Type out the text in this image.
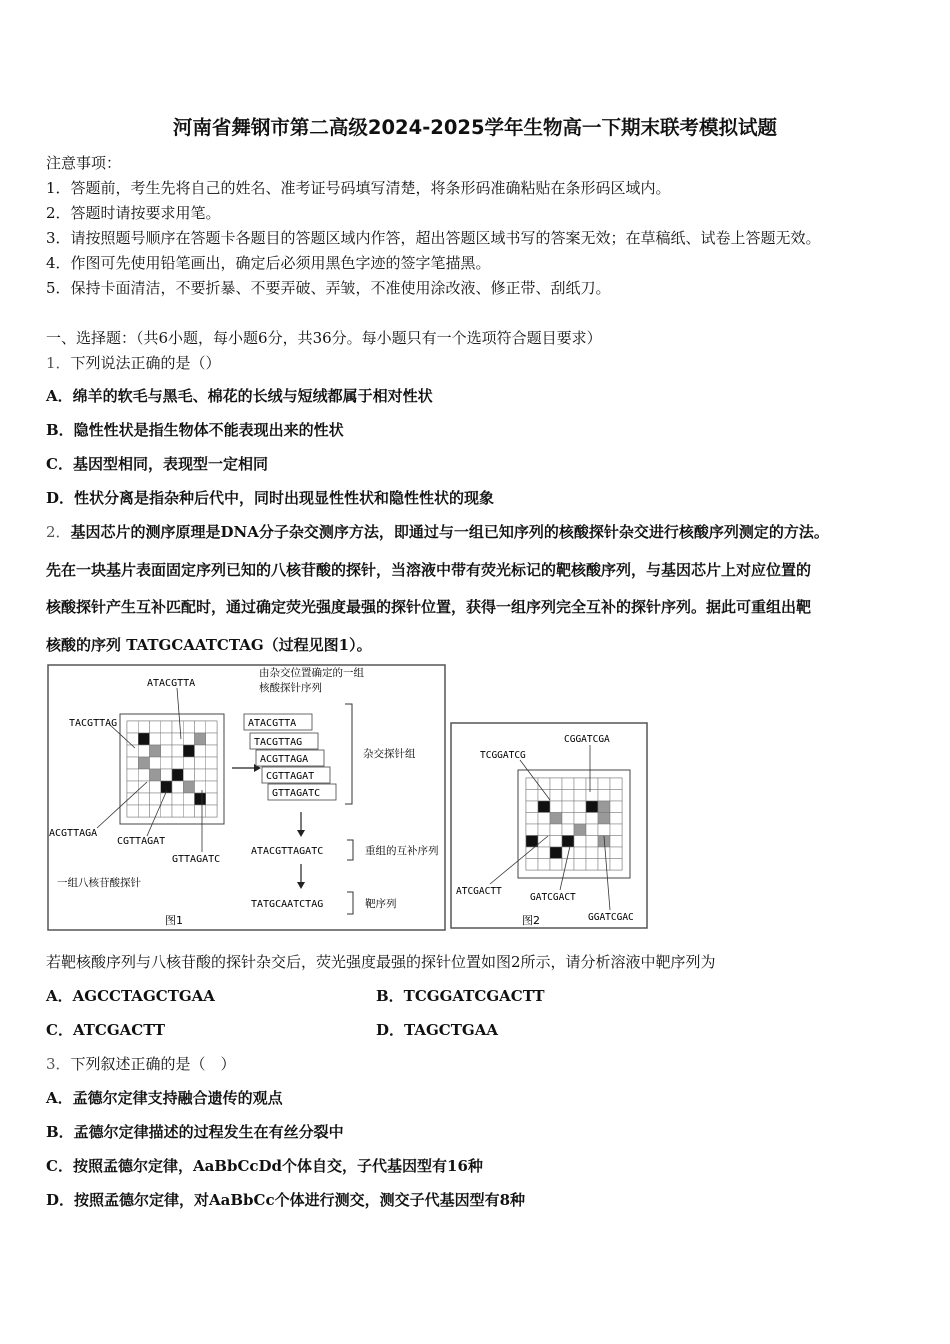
河南省舞钢市第二高级2024-2025学年生物高一下期末联考模拟试题
注意事项：
1．答题前，考生先将自己的姓名、准考证号码填写清楚，将条形码准确粘贴在条形码区域内。
2．答题时请按要求用笔。
3．请按照题号顺序在答题卡各题目的答题区域内作答，超出答题区域书写的答案无效；在草稿纸、试卷上答题无效。
4．作图可先使用铅笔画出，确定后必须用黑色字迹的签字笔描黑。
5．保持卡面清洁，不要折暴、不要弄破、弄皱，不准使用涂改液、修正带、刮纸刀。
一、选择题：（共6小题，每小题6分，共36分。每小题只有一个选项符合题目要求）
1．下列说法正确的是（）
A．绵羊的软毛与黑毛、棉花的长绒与短绒都属于相对性状
B．隐性性状是指生物体不能表现出来的性状
C．基因型相同，表现型一定相同
D．性状分离是指杂种后代中，同时出现显性性状和隐性性状的现象
2．基因芯片的测序原理是DNA分子杂交测序方法，即通过与一组已知序列的核酸探针杂交进行核酸序列测定的方法。
先在一块基片表面固定序列已知的八核苷酸的探针，当溶液中带有荧光标记的靶核酸序列，与基因芯片上对应位置的
核酸探针产生互补匹配时，通过确定荧光强度最强的探针位置，获得一组序列完全互补的探针序列。据此可重组出靶
核酸的序列 TATGCAATCTAG（过程见图1）。
ATACGTTA
TACGTTAG
ACGTTAGA
CGTTAGAT
GTTAGATC
一组八核苷酸探针
图1
由杂交位置确定的一组
核酸探针序列
ATACGTTA
TACGTTAG
ACGTTAGA
CGTTAGAT
GTTAGATC
杂交探针组
ATACGTTAGATC	重组的互补序列
TATGCAATCTAG	靶序列
CGGATCGA
TCGGATCG
ATCGACTT
GATCGACT
GGATCGAC
图2
若靶核酸序列与八核苷酸的探针杂交后，荧光强度最强的探针位置如图2所示，请分析溶液中靶序列为
A．AGCCTAGCTGAA	B．TCGGATCGACTT
C．ATCGACTT	D．TAGCTGAA
3．下列叙述正确的是（　）
A．孟德尔定律支持融合遗传的观点
B．孟德尔定律描述的过程发生在有丝分裂中
C．按照孟德尔定律，AaBbCcDd个体自交，子代基因型有16种
D．按照孟德尔定律，对AaBbCc个体进行测交，测交子代基因型有8种
